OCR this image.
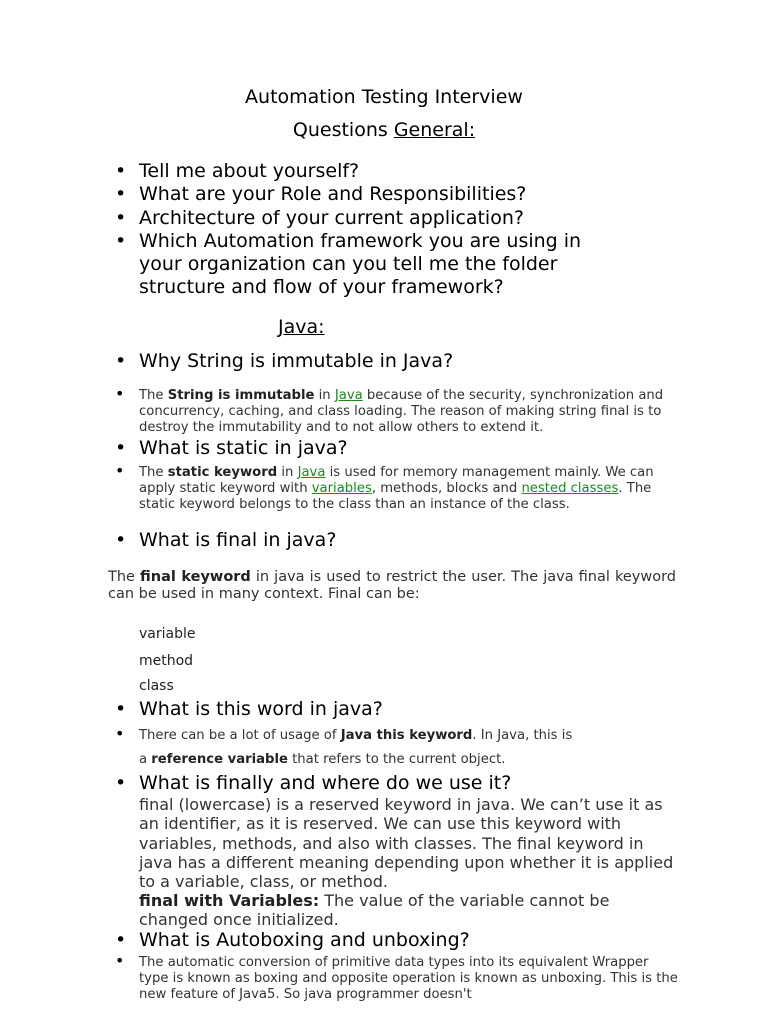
Automation Testing Interview
Questions General:
• Tell me about yourself?
• What are your Role and Responsibilities?
• Architecture of your current application?
• Which Automation framework you are using in
your organization can you tell me the folder
structure and flow of your framework?
Java:
• Why String is immutable in Java?
• The String is immutable in Java because of the security, synchronization and concurrency, caching, and class loading. The reason of making string final is to destroy the immutability and to not allow others to extend it.
• What is static in java?
• The static keyword in Java is used for memory management mainly. We can apply static keyword with variables, methods, blocks and nested classes. The static keyword belongs to the class than an instance of the class.
• What is final in java?
The final keyword in java is used to restrict the user. The java final keyword can be used in many context. Final can be:
variable
method
class
• What is this word in java?
• There can be a lot of usage of Java this keyword. In Java, this is
a reference variable that refers to the current object.
• What is finally and where do we use it?
final (lowercase) is a reserved keyword in java. We can’t use it as an identifier, as it is reserved. We can use this keyword with variables, methods, and also with classes. The final keyword in java has a different meaning depending upon whether it is applied to a variable, class, or method.
final with Variables: The value of the variable cannot be changed once initialized.
• What is Autoboxing and unboxing?
• The automatic conversion of primitive data types into its equivalent Wrapper type is known as boxing and opposite operation is known as unboxing. This is the new feature of Java5. So java programmer doesn't
